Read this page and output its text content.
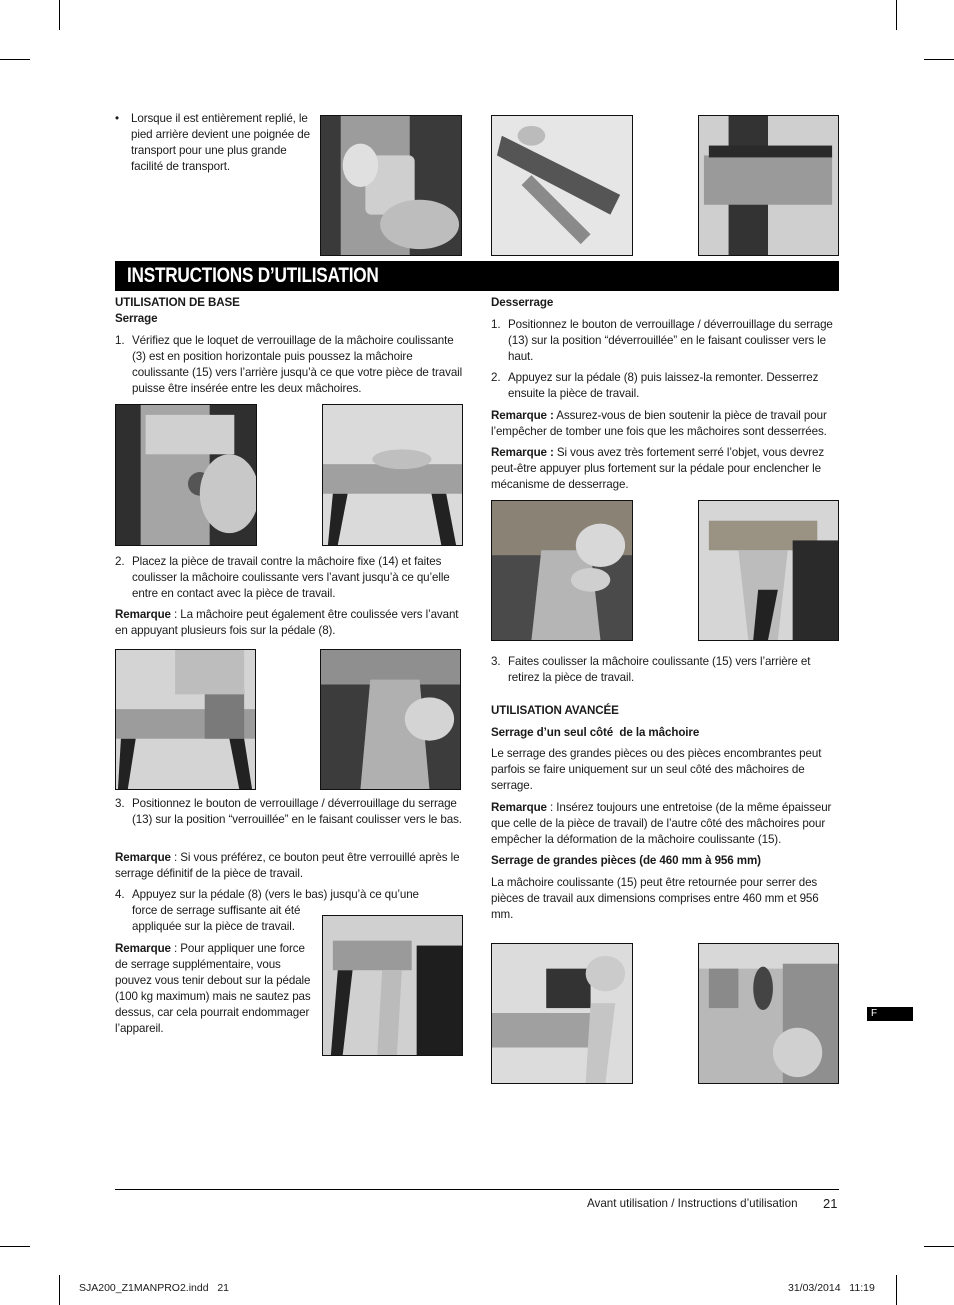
• Lorsque il est entièrement replié, le pied arrière devient une poignée de transport pour une plus grande facilité de transport.

INSTRUCTIONS D’UTILISATION
UTILISATION DE BASE
Serrage
1. Vérifiez que le loquet de verrouillage de la mâchoire coulissante (3) est en position horizontale puis poussez la mâchoire coulissante (15) vers l’arrière jusqu’à ce que votre pièce de travail puisse être insérée entre les deux mâchoires.

2. Placez la pièce de travail contre la mâchoire fixe (14) et faites coulisser la mâchoire coulissante vers l’avant jusqu’à ce qu’elle entre en contact avec la pièce de travail.

Remarque : La mâchoire peut également être coulissée vers l’avant en appuyant plusieurs fois sur la pédale (8).

3. Positionnez le bouton de verrouillage / déverrouillage du serrage (13) sur la position “verrouillée” en le faisant coulisser vers le bas.

Remarque : Si vous préférez, ce bouton peut être verrouillé après le serrage définitif de la pièce de travail.

4. Appuyez sur la pédale (8) (vers le bas) jusqu’à ce qu’une

force de serrage suffisante ait été

appliquée sur la pièce de travail.

Remarque : Pour appliquer une force de serrage supplémentaire, vous pouvez vous tenir debout sur la pédale (100 kg maximum) mais ne sautez pas dessus, car cela pourrait endommager l’appareil.

Desserrage
1. Positionnez le bouton de verrouillage / déverrouillage du serrage (13) sur la position “déverrouillée” en le faisant coulisser vers le haut.

2. Appuyez sur la pédale (8) puis laissez-la remonter. Desserrez ensuite la pièce de travail.

Remarque : Assurez-vous de bien soutenir la pièce de travail pour l’empêcher de tomber une fois que les mâchoires sont desserrées.

Remarque : Si vous avez très fortement serré l’objet, vous devrez peut-être appuyer plus fortement sur la pédale pour enclencher le mécanisme de desserrage.

3. Faites coulisser la mâchoire coulissante (15) vers l’arrière et retirez la pièce de travail.

UTILISATION AVANCÉE
Serrage d’un seul côté  de la mâchoire

Le serrage des grandes pièces ou des pièces encombrantes peut parfois se faire uniquement sur un seul côté des mâchoires de serrage.

Remarque : Insérez toujours une entretoise (de la même épaisseur que celle de la pièce de travail) de l’autre côté des mâchoires pour empêcher la déformation de la mâchoire coulissante (15).

Serrage de grandes pièces (de 460 mm à 956 mm)

La mâchoire coulissante (15) peut être retournée pour serrer des pièces de travail aux dimensions comprises entre 460 mm et 956 mm.

F
Avant utilisation / Instructions d’utilisation 21
SJA200_Z1MANPRO2.indd   21	31/03/2014   11:19
